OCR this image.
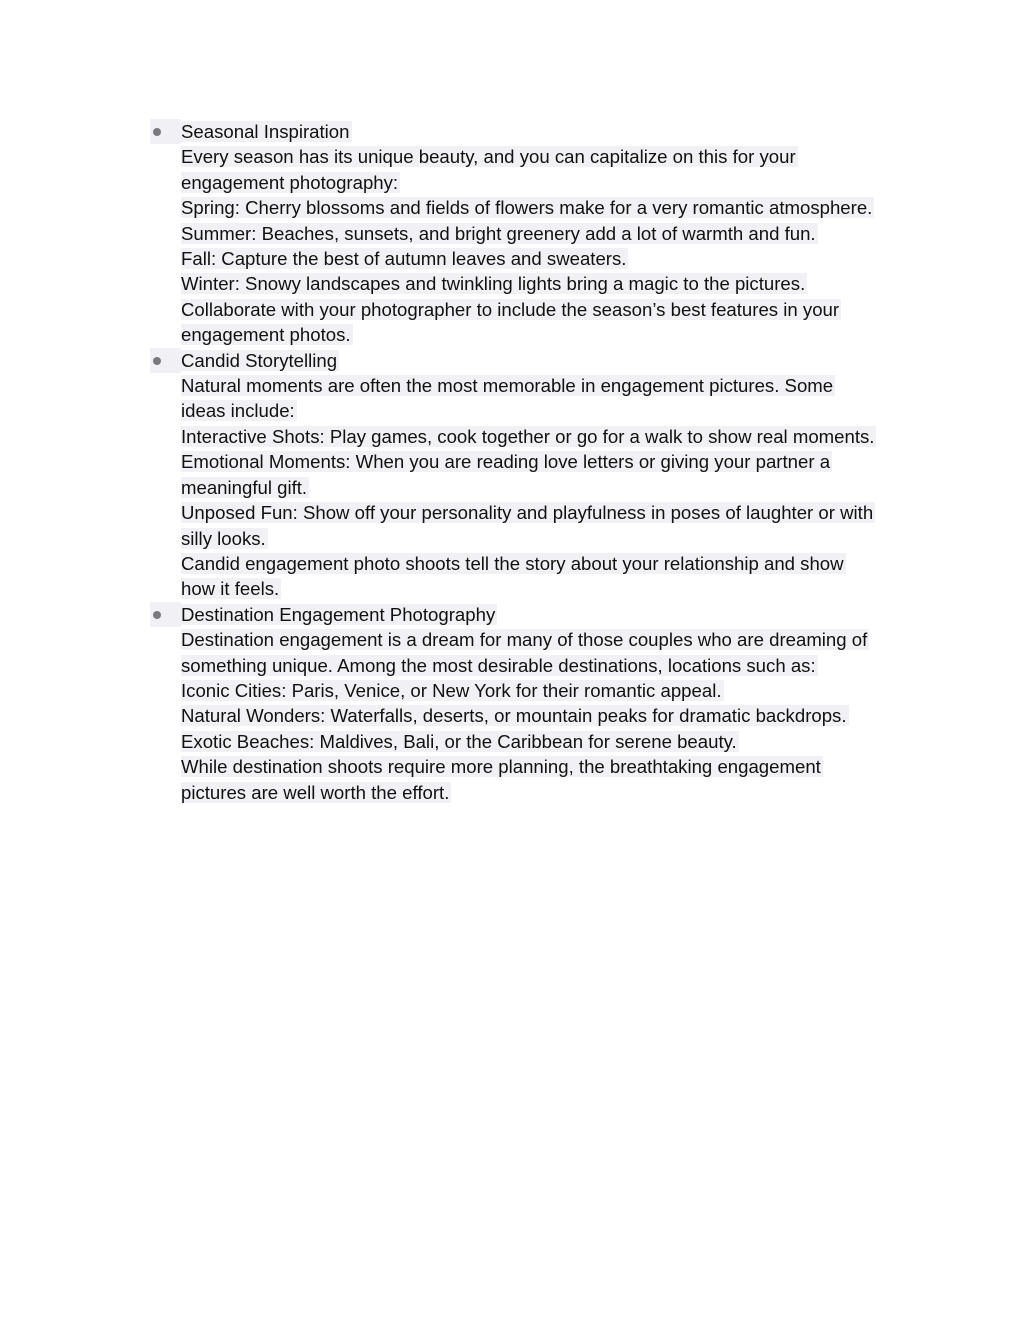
Seasonal Inspiration
Every season has its unique beauty, and you can capitalize on this for your
engagement photography:
Spring: Cherry blossoms and fields of flowers make for a very romantic atmosphere.
Summer: Beaches, sunsets, and bright greenery add a lot of warmth and fun.
Fall: Capture the best of autumn leaves and sweaters.
Winter: Snowy landscapes and twinkling lights bring a magic to the pictures.
Collaborate with your photographer to include the season’s best features in your
engagement photos.
Candid Storytelling
Natural moments are often the most memorable in engagement pictures. Some
ideas include:
Interactive Shots: Play games, cook together or go for a walk to show real moments.
Emotional Moments: When you are reading love letters or giving your partner a
meaningful gift.
Unposed Fun: Show off your personality and playfulness in poses of laughter or with
silly looks.
Candid engagement photo shoots tell the story about your relationship and show
how it feels.
Destination Engagement Photography
Destination engagement is a dream for many of those couples who are dreaming of
something unique. Among the most desirable destinations, locations such as:
Iconic Cities: Paris, Venice, or New York for their romantic appeal.
Natural Wonders: Waterfalls, deserts, or mountain peaks for dramatic backdrops.
Exotic Beaches: Maldives, Bali, or the Caribbean for serene beauty.
While destination shoots require more planning, the breathtaking engagement
pictures are well worth the effort.
